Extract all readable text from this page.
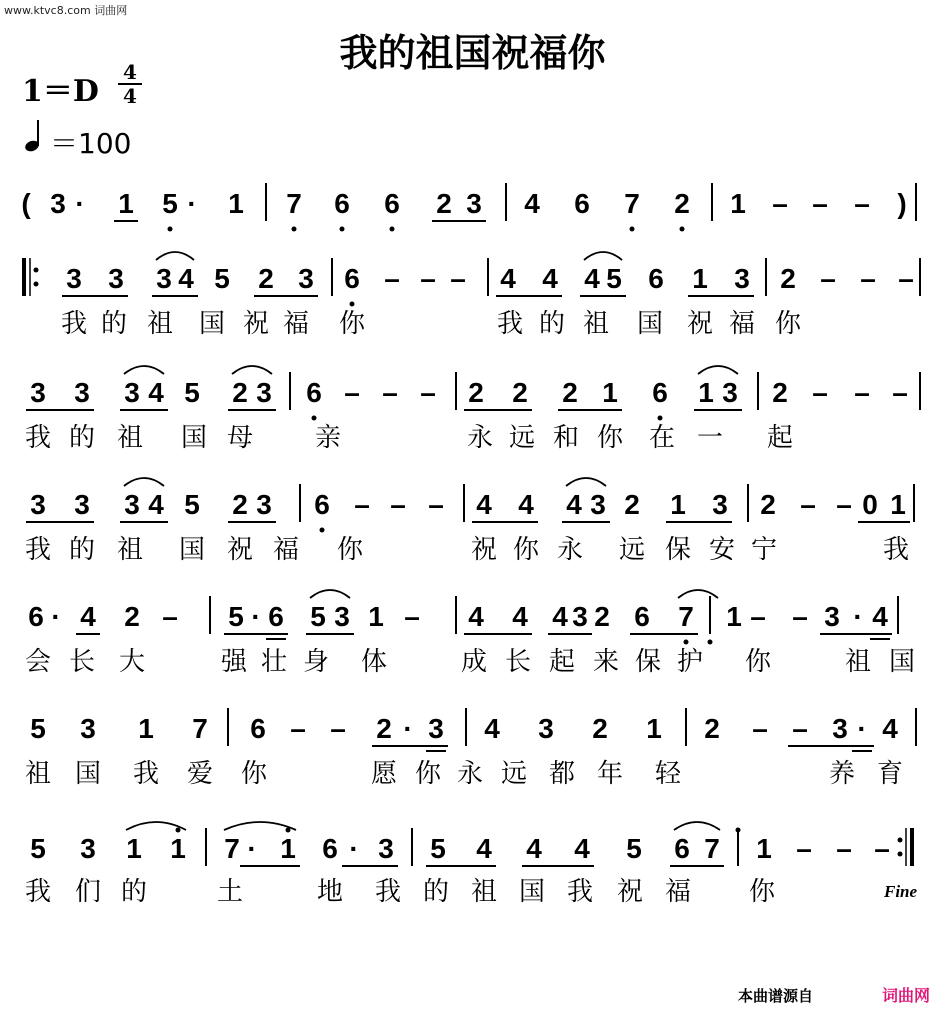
www.ktvc8.com 词曲网
我的祖国祝福你
1＝D
4
4
＝100
( 3 · 1 5 · 1 7 6 6 2 3 4 6 7 2 1 – – – )
3 3 3 4 5 2 3 6 – – – 4 4 4 5 6 1 3 2 – – –
我 的 祖 国 祝 福 你	我 的 祖 国 祝 福 你
3 3 3 4 5 2 3 6 – – – 2 2 2 1 6 1 3 2 – – –
我 的 祖 国 母 亲	永 远 和 你 在 一 起
3 3 3 4 5 2 3 6 – – – 4 4 4 3 2 1 3 2 – – 0 1
我 的 祖 国 祝 福 你	祝 你 永 远 保 安 宁	我
6 · 4 2 – 5 · 6 5 3 1 – 4 4 4 3 2 6 7 1 – – 3 · 4
会 长 大	强 壮 身 体	成 长 起 来 保 护 你	祖 国
5 3 1 7 6 – – 2 · 3 4 3 2 1 2 – – 3 · 4
祖 国 我 爱 你	愿 你 永 远 都 年 轻	养 育
5 3 1 1 7 · 1 6 · 3 5 4 4 4 5 6 7 1 – – –
我 们 的	土	地 我 的 祖 国 我 祝 福 你	Fine
本曲谱源自	词曲网
